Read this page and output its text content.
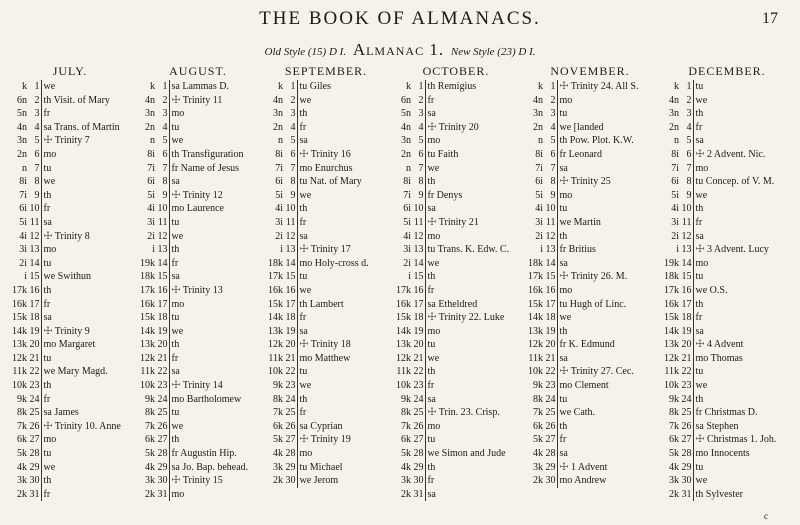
THE BOOK OF ALMANACS.	17
Old Style (15) D I. Almanac 1. New Style (23) D I.
JULY.
k	1	we
6n	2	th Visit. of Mary
5n	3	fr
4n	4	sa Trans. of Martin
3n	5	☩ Trinity 7
2n	6	mo
n	7	tu
8i	8	we
7i	9	th
6i	10	fr
5i	11	sa
4i	12	☩ Trinity 8
3i	13	mo
2i	14	tu
i	15	we Swithun
17k	16	th
16k	17	fr
15k	18	sa
14k	19	☩ Trinity 9
13k	20	mo Margaret
12k	21	tu
11k	22	we Mary Magd.
10k	23	th
9k	24	fr
8k	25	sa James
7k	26	☩ Trinity 10. Anne
6k	27	mo
5k	28	tu
4k	29	we
3k	30	th
2k	31	fr
AUGUST.
k	1	sa Lammas D.
4n	2	☩ Trinity 11
3n	3	mo
2n	4	tu
n	5	we
8i	6	th Transfiguration
7i	7	fr Name of Jesus
6i	8	sa
5i	9	☩ Trinity 12
4i	10	mo Laurence
3i	11	tu
2i	12	we
i	13	th
19k	14	fr
18k	15	sa
17k	16	☩ Trinity 13
16k	17	mo
15k	18	tu
14k	19	we
13k	20	th
12k	21	fr
11k	22	sa
10k	23	☩ Trinity 14
9k	24	mo Bartholomew
8k	25	tu
7k	26	we
6k	27	th
5k	28	fr Augustin Hip.
4k	29	sa Jo. Bap. behead.
3k	30	☩ Trinity 15
2k	31	mo
SEPTEMBER.
k	1	tu Giles
4n	2	we
3n	3	th
2n	4	fr
n	5	sa
8i	6	☩ Trinity 16
7i	7	mo Enurchus
6i	8	tu Nat. of Mary
5i	9	we
4i	10	th
3i	11	fr
2i	12	sa
i	13	☩ Trinity 17
18k	14	mo Holy-cross d.
17k	15	tu
16k	16	we
15k	17	th Lambert
14k	18	fr
13k	19	sa
12k	20	☩ Trinity 18
11k	21	mo Matthew
10k	22	tu
9k	23	we
8k	24	th
7k	25	fr
6k	26	sa Cyprian
5k	27	☩ Trinity 19
4k	28	mo
3k	29	tu Michael
2k	30	we Jerom
OCTOBER.
k	1	th Remigius
6n	2	fr
5n	3	sa
4n	4	☩ Trinity 20
3n	5	mo
2n	6	tu Faith
n	7	we
8i	8	th
7i	9	fr Denys
6i	10	sa
5i	11	☩ Trinity 21
4i	12	mo
3i	13	tu Trans. K. Edw. C.
2i	14	we
i	15	th
17k	16	fr
16k	17	sa Etheldred
15k	18	☩ Trinity 22. Luke
14k	19	mo
13k	20	tu
12k	21	we
11k	22	th
10k	23	fr
9k	24	sa
8k	25	☩ Trin. 23. Crisp.
7k	26	mo
6k	27	tu
5k	28	we Simon and Jude
4k	29	th
3k	30	fr
2k	31	sa
NOVEMBER.
k	1	☩ Trinity 24. All S.
4n	2	mo
3n	3	tu
2n	4	we [landed
n	5	th Pow. Plot. K.W.
8i	6	fr Leonard
7i	7	sa
6i	8	☩ Trinity 25
5i	9	mo
4i	10	tu
3i	11	we Martin
2i	12	th
i	13	fr Britius
18k	14	sa
17k	15	☩ Trinity 26. M.
16k	16	mo
15k	17	tu Hugh of Linc.
14k	18	we
13k	19	th
12k	20	fr K. Edmund
11k	21	sa
10k	22	☩ Trinity 27. Cec.
9k	23	mo Clement
8k	24	tu
7k	25	we Cath.
6k	26	th
5k	27	fr
4k	28	sa
3k	29	☩ 1 Advent
2k	30	mo Andrew
DECEMBER.
k	1	tu
4n	2	we
3n	3	th
2n	4	fr
n	5	sa
8i	6	☩ 2 Advent. Nic.
7i	7	mo
6i	8	tu Concep. of V. M.
5i	9	we
4i	10	th
3i	11	fr
2i	12	sa
i	13	☩ 3 Advent. Lucy
19k	14	mo
18k	15	tu
17k	16	we O.S.
16k	17	th
15k	18	fr
14k	19	sa
13k	20	☩ 4 Advent
12k	21	mo Thomas
11k	22	tu
10k	23	we
9k	24	th
8k	25	fr Christmas D.
7k	26	sa Stephen
6k	27	☩ Christmas 1. Joh.
5k	28	mo Innocents
4k	29	tu
3k	30	we
2k	31	th Sylvester
c
